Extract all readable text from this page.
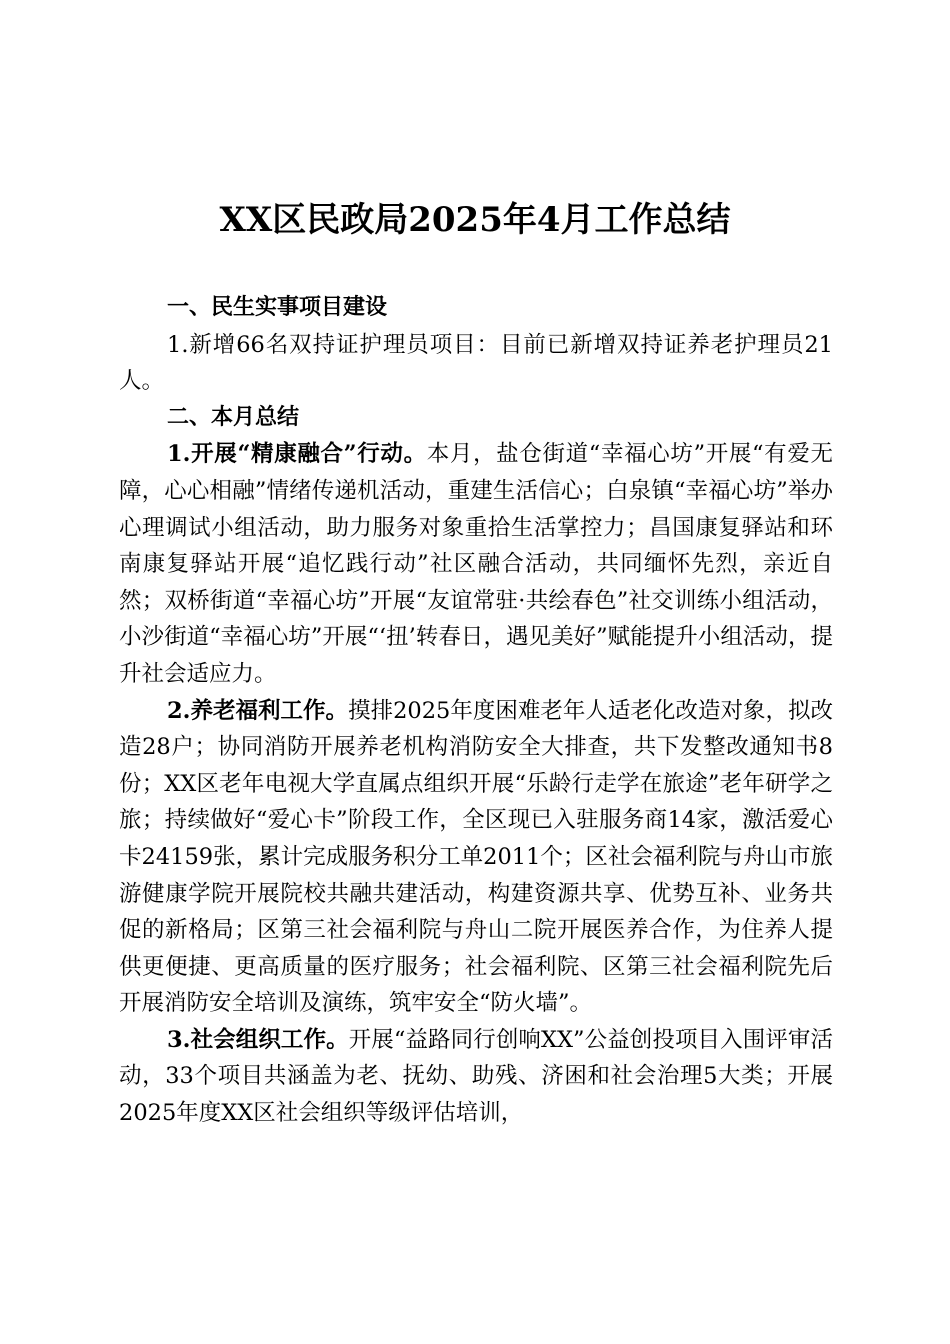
XX区民政局2025年4月工作总结

一、民生实事项目建设

1.新增66名双持证护理员项目：目前已新增双持证养老护理员21人。

二、本月总结

1.开展“精康融合”行动。本月，盐仓街道“幸福心坊”开展“有爱无障，心心相融”情绪传递机活动，重建生活信心；白泉镇“幸福心坊”举办心理调试小组活动，助力服务对象重拾生活掌控力；昌国康复驿站和环南康复驿站开展“追忆践行动”社区融合活动，共同缅怀先烈，亲近自然；双桥街道“幸福心坊”开展“友谊常驻·共绘春色”社交训练小组活动，小沙街道“幸福心坊”开展“‘扭’转春日，遇见美好”赋能提升小组活动，提升社会适应力。

2.养老福利工作。摸排2025年度困难老年人适老化改造对象，拟改造28户；协同消防开展养老机构消防安全大排查，共下发整改通知书8份；XX区老年电视大学直属点组织开展“乐龄行走学在旅途”老年研学之旅；持续做好“爱心卡”阶段工作，全区现已入驻服务商14家，激活爱心卡24159张，累计完成服务积分工单2011个；区社会福利院与舟山市旅游健康学院开展院校共融共建活动，构建资源共享、优势互补、业务共促的新格局；区第三社会福利院与舟山二院开展医养合作，为住养人提供更便捷、更高质量的医疗服务；社会福利院、区第三社会福利院先后开展消防安全培训及演练，筑牢安全“防火墙”。

3.社会组织工作。开展“益路同行创响XX”公益创投项目入围评审活动，33个项目共涵盖为老、抚幼、助残、济困和社会治理5大类；开展2025年度XX区社会组织等级评估培训，
